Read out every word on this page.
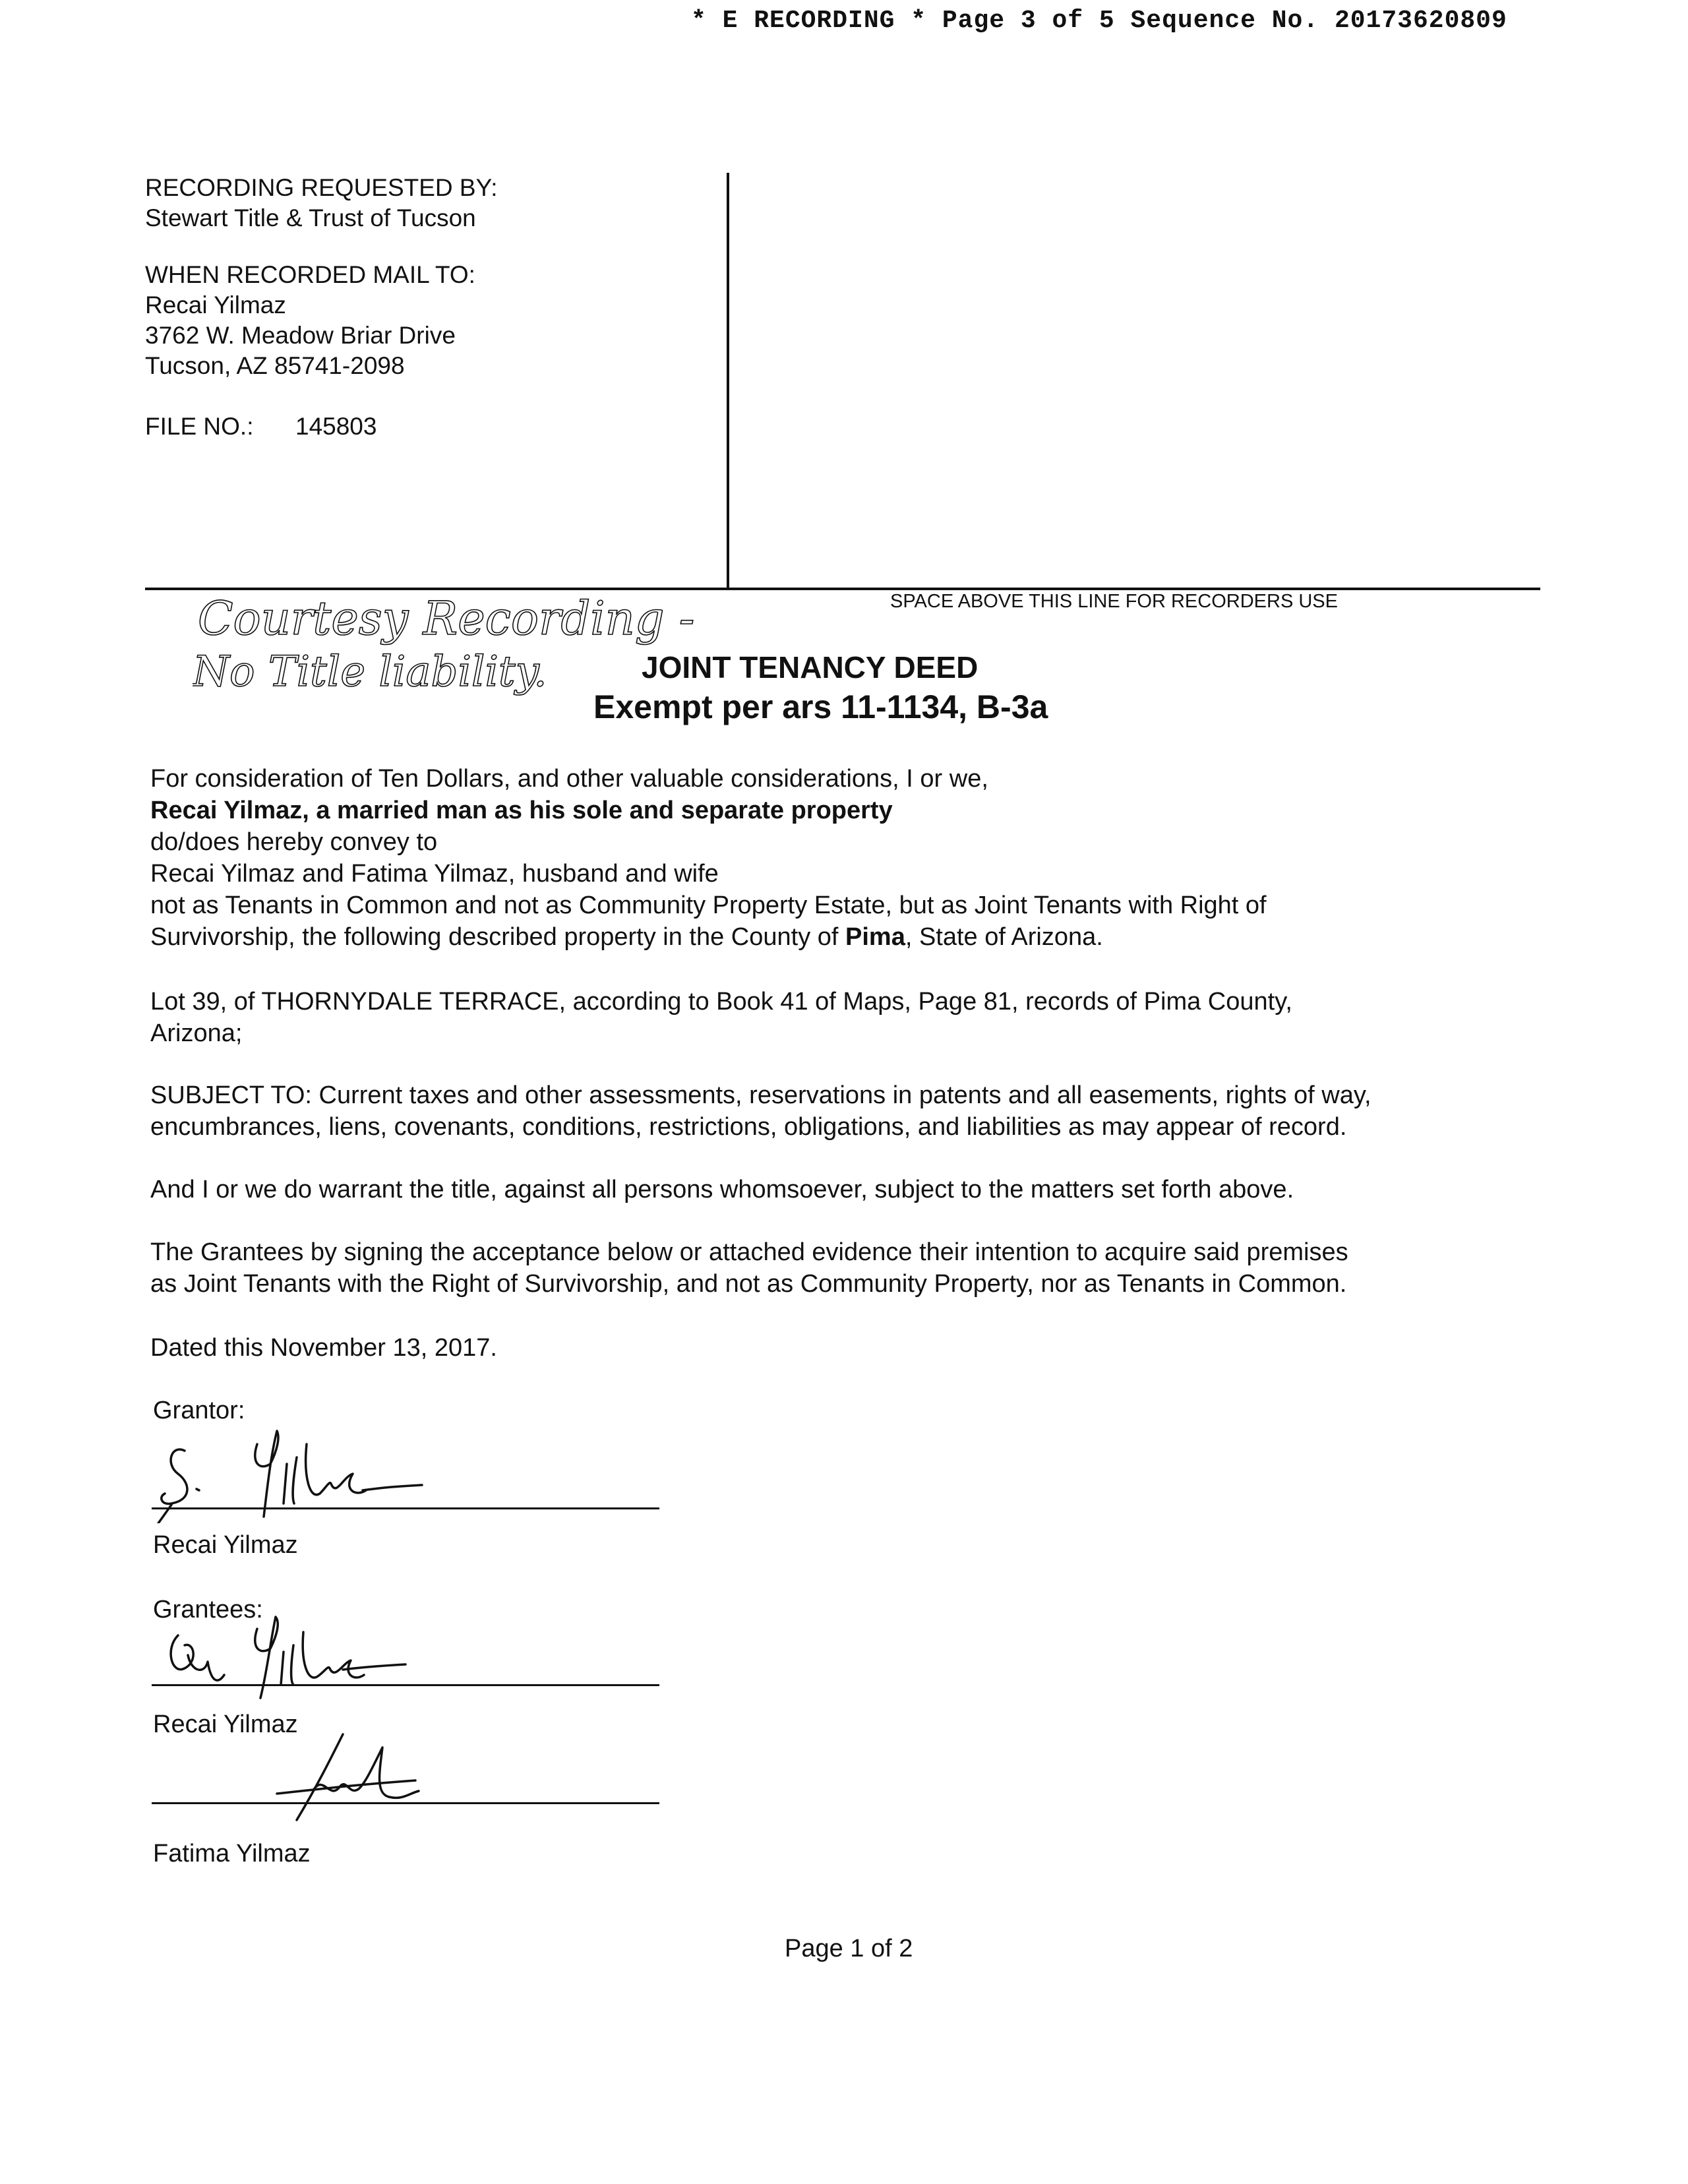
* E RECORDING * Page 3 of 5 Sequence No. 20173620809
RECORDING REQUESTED BY:
Stewart Title & Trust of Tucson
WHEN RECORDED MAIL TO:
Recai Yilmaz
3762 W. Meadow Briar Drive
Tucson, AZ 85741-2098
FILE NO.: 145803
SPACE ABOVE THIS LINE FOR RECORDERS USE
Courtesy Recording -
No Title liability.	JOINT TENANCY DEED
Exempt per ars 11-1134, B-3a
For consideration of Ten Dollars, and other valuable considerations, I or we,
Recai Yilmaz, a married man as his sole and separate property
do/does hereby convey to
Recai Yilmaz and Fatima Yilmaz, husband and wife
not as Tenants in Common and not as Community Property Estate, but as Joint Tenants with Right of
Survivorship, the following described property in the County of Pima, State of Arizona.
Lot 39, of THORNYDALE TERRACE, according to Book 41 of Maps, Page 81, records of Pima County,
Arizona;
SUBJECT TO: Current taxes and other assessments, reservations in patents and all easements, rights of way,
encumbrances, liens, covenants, conditions, restrictions, obligations, and liabilities as may appear of record.
And I or we do warrant the title, against all persons whomsoever, subject to the matters set forth above.
The Grantees by signing the acceptance below or attached evidence their intention to acquire said premises
as Joint Tenants with the Right of Survivorship, and not as Community Property, nor as Tenants in Common.
Dated this November 13, 2017.
Grantor:
Recai Yilmaz
Grantees:
Recai Yilmaz
Fatima Yilmaz
Page 1 of 2
